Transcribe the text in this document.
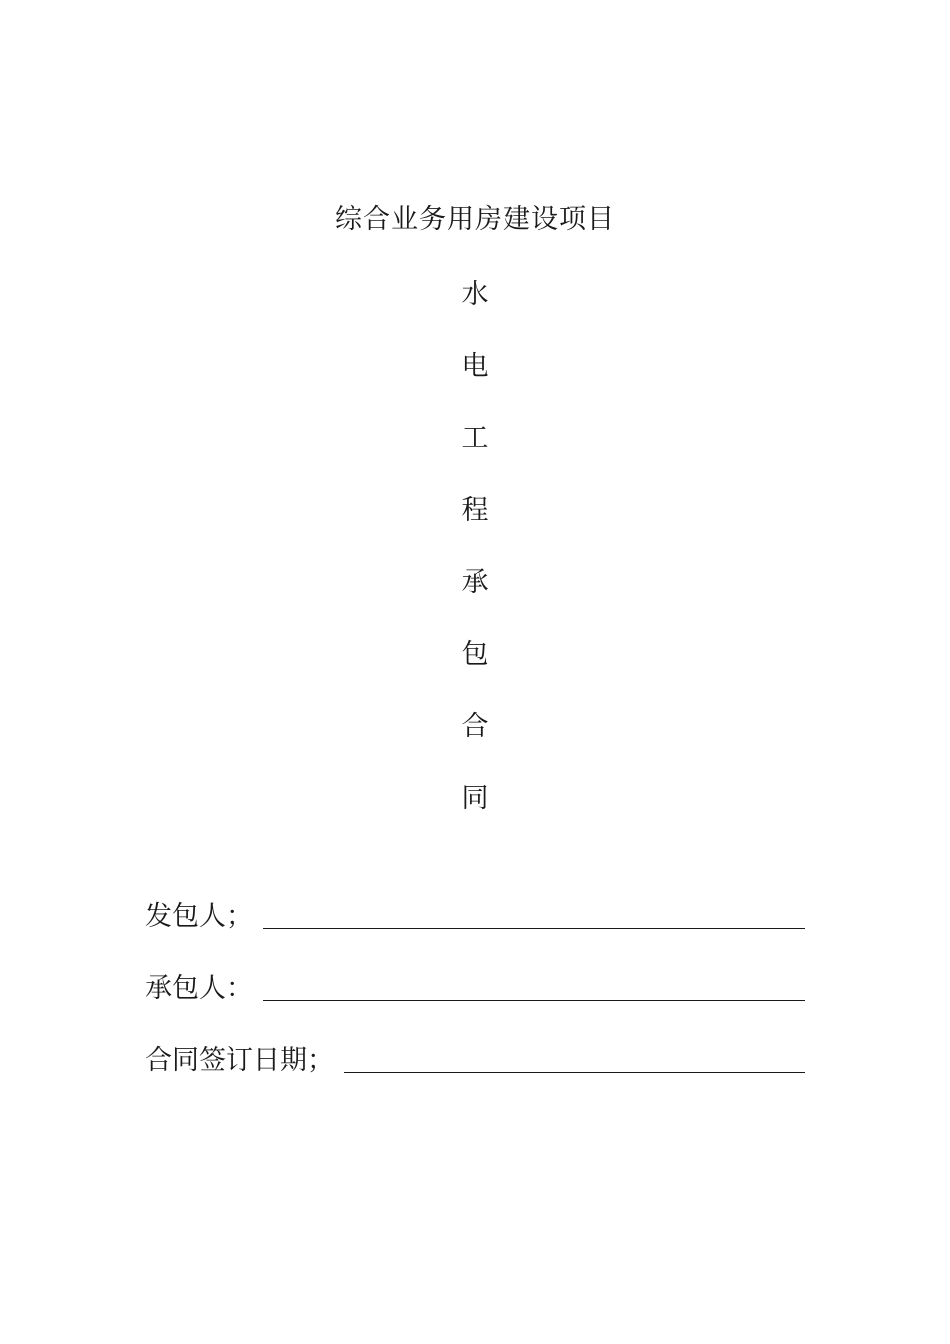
综合业务用房建设项目
水
电
工
程
承
包
合
同
发包人；
承包人：
合同签订日期；
